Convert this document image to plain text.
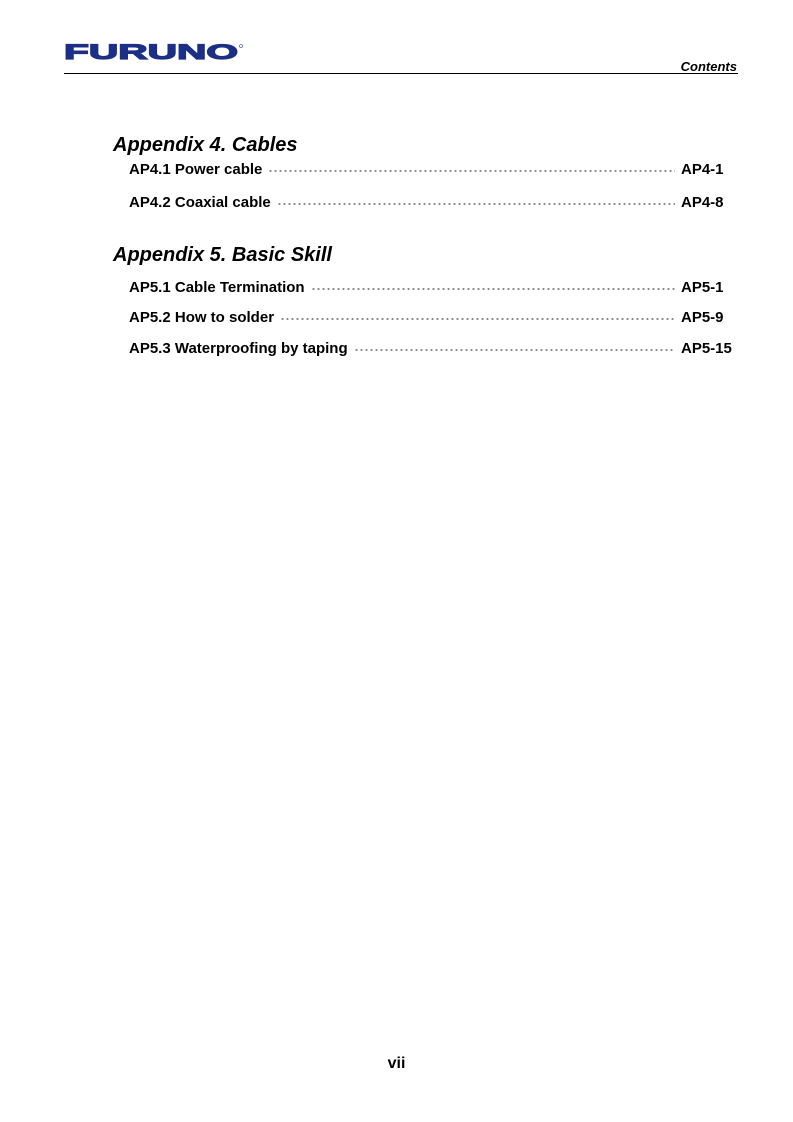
FURUNO
Contents
Appendix 4. Cables
AP4.1 Power cable	AP4-1
AP4.2 Coaxial cable	AP4-8
Appendix 5. Basic Skill
AP5.1 Cable Termination	AP5-1
AP5.2 How to solder	AP5-9
AP5.3 Waterproofing by taping	AP5-15
vii
